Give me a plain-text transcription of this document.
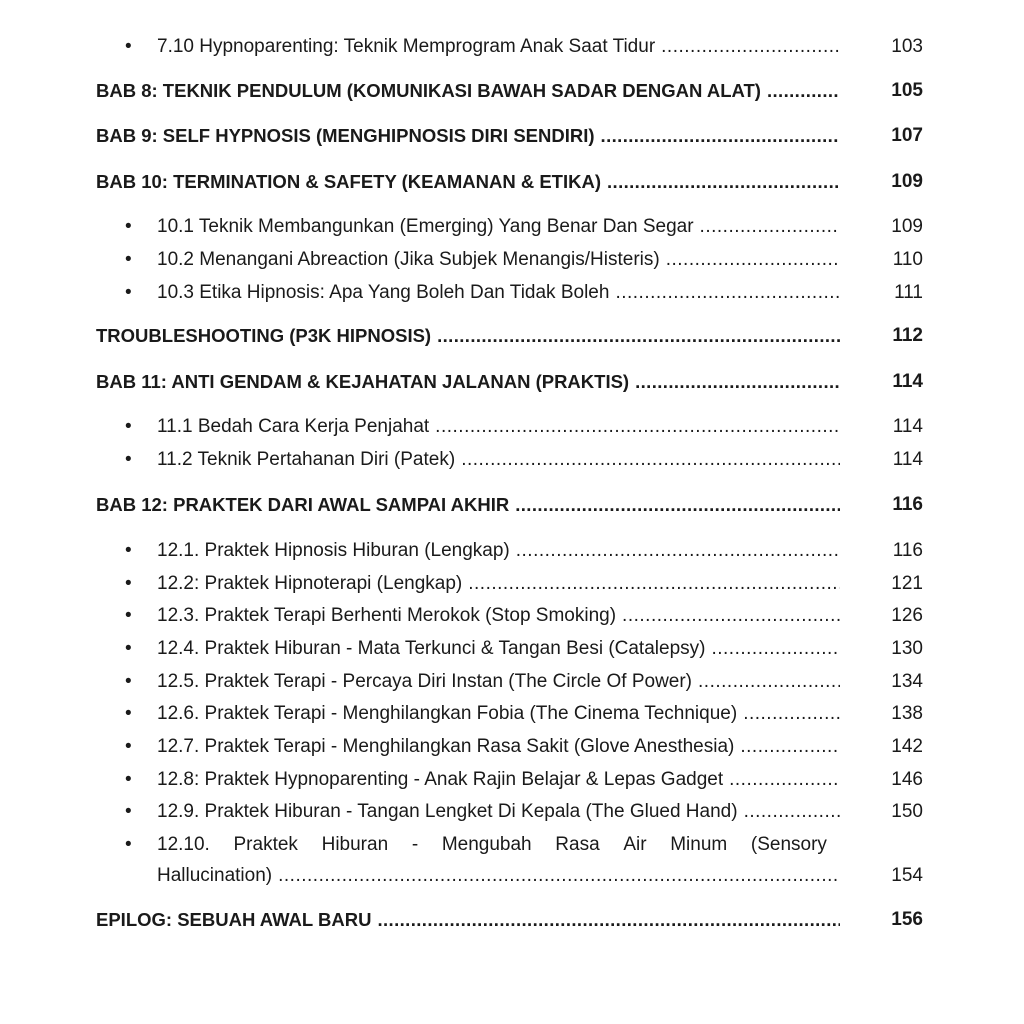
• 7.10 Hypnoparenting: Teknik Memprogram Anak Saat Tidur .....	103
BAB 8: TEKNIK PENDULUM (KOMUNIKASI BAWAH SADAR DENGAN ALAT) .....	105
BAB 9: SELF HYPNOSIS (MENGHIPNOSIS DIRI SENDIRI) .....	107
BAB 10: TERMINATION & SAFETY (KEAMANAN & ETIKA) .....	109
• 10.1 Teknik Membangunkan (Emerging) Yang Benar Dan Segar .....	109
• 10.2 Menangani Abreaction (Jika Subjek Menangis/Histeris) .....	110
• 10.3 Etika Hipnosis: Apa Yang Boleh Dan Tidak Boleh .....	111
TROUBLESHOOTING (P3K HIPNOSIS) .....	112
BAB 11: ANTI GENDAM & KEJAHATAN JALANAN (PRAKTIS) .....	114
• 11.1 Bedah Cara Kerja Penjahat .....	114
• 11.2 Teknik Pertahanan Diri (Patek) .....	114
BAB 12: PRAKTEK DARI AWAL SAMPAI AKHIR .....	116
• 12.1. Praktek Hipnosis Hiburan (Lengkap) .....	116
• 12.2: Praktek Hipnoterapi (Lengkap) .....	121
• 12.3. Praktek Terapi Berhenti Merokok (Stop Smoking) .....	126
• 12.4. Praktek Hiburan - Mata Terkunci & Tangan Besi (Catalepsy) .....	130
• 12.5. Praktek Terapi - Percaya Diri Instan (The Circle Of Power) .....	134
• 12.6. Praktek Terapi - Menghilangkan Fobia (The Cinema Technique) .....	138
• 12.7. Praktek Terapi - Menghilangkan Rasa Sakit (Glove Anesthesia) .....	142
• 12.8: Praktek Hypnoparenting - Anak Rajin Belajar & Lepas Gadget .....	146
• 12.9. Praktek Hiburan - Tangan Lengket Di Kepala (The Glued Hand) .....	150
• 12.10. Praktek Hiburan - Mengubah Rasa Air Minum (Sensory
Hallucination) .....	154
EPILOG: SEBUAH AWAL BARU .....	156
